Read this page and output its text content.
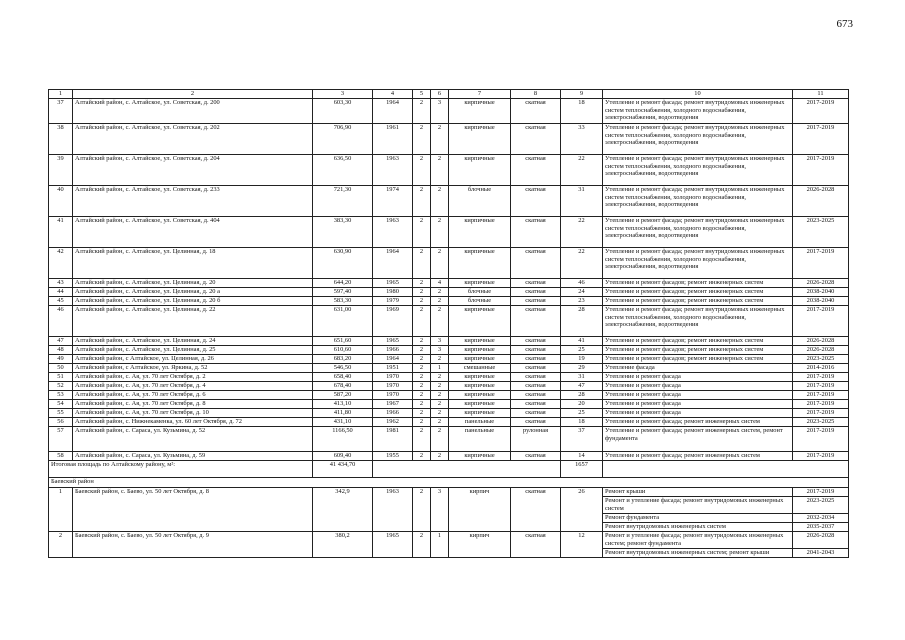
673
1	2	3	4	5	6	7	8	9	10	11
37	Алтайский район, с. Алтайское, ул. Советская, д. 200	603,30	1964	2	3	кирпичные	скатная	18	Утепление и ремонт фасада; ремонт внутридомовых инженерных систем теплоснабжения, холодного водоснабжения, электроснабжения, водоотведения	2017-2019
38	Алтайский район, с. Алтайское, ул. Советская, д. 202	706,90	1961	2	2	кирпичные	скатная	33	Утепление и ремонт фасада; ремонт внутридомовых инженерных систем теплоснабжения, холодного водоснабжения, электроснабжения, водоотведения	2017-2019
39	Алтайский район, с. Алтайское, ул. Советская, д. 204	636,50	1963	2	2	кирпичные	скатная	22	Утепление и ремонт фасада; ремонт внутридомовых инженерных систем теплоснабжения, холодного водоснабжения, электроснабжения, водоотведения	2017-2019
40	Алтайский район, с. Алтайское, ул. Советская, д. 233	721,30	1974	2	2	блочные	скатная	31	Утепление и ремонт фасада; ремонт внутридомовых инженерных систем теплоснабжения, холодного водоснабжения, электроснабжения, водоотведения	2026-2028
41	Алтайский район, с. Алтайское, ул. Советская, д. 404	383,30	1963	2	2	кирпичные	скатная	22	Утепление и ремонт фасада; ремонт внутридомовых инженерных систем теплоснабжения, холодного водоснабжения, электроснабжения, водоотведения	2023-2025
42	Алтайский район, с. Алтайское, ул. Целинная, д. 18	630,90	1964	2	2	кирпичные	скатная	22	Утепление и ремонт фасада; ремонт внутридомовых инженерных систем теплоснабжения, холодного водоснабжения, электроснабжения, водоотведения	2017-2019
43	Алтайский район, с. Алтайское, ул. Целинная, д. 20	644,20	1965	2	4	кирпичные	скатная	46	Утепление и ремонт фасадов; ремонт инженерных систем	2026-2028
44	Алтайский район, с. Алтайское, ул. Целинная, д. 20 а	597,40	1980	2	2	блочные	скатная	24	Утепление и ремонт фасадов; ремонт инженерных систем	2038-2040
45	Алтайский район, с. Алтайское, ул. Целинная, д. 20 б	583,30	1979	2	2	блочные	скатная	23	Утепление и ремонт фасадов; ремонт инженерных систем	2038-2040
46	Алтайский район, с. Алтайское, ул. Целинная, д. 22	631,00	1969	2	2	кирпичные	скатная	28	Утепление и ремонт фасада; ремонт внутридомовых инженерных систем теплоснабжения, холодного водоснабжения, электроснабжения, водоотведения	2017-2019
47	Алтайский район, с. Алтайское, ул. Целинная, д. 24	651,60	1965	2	3	кирпичные	скатная	41	Утепление и ремонт фасадов; ремонт инженерных систем	2026-2028
48	Алтайский район, с. Алтайское, ул. Целинная, д. 25	610,60	1966	2	3	кирпичные	скатная	25	Утепление и ремонт фасадов; ремонт инженерных систем	2026-2028
49	Алтайский район, с Алтайское, ул. Целинная, д. 26	683,20	1964	2	2	кирпичные	скатная	19	Утепление и ремонт фасадов; ремонт инженерных систем	2023-2025
50	Алтайский район, с Алтайское, ул. Яркина, д. 52	546,50	1951	2	1	смешанные	скатная	29	Утепление фасада	2014-2016
51	Алтайский район, с. Ая, ул. 70 лет Октября, д. 2	658,40	1970	2	2	кирпичные	скатная	31	Утепление и ремонт фасада	2017-2019
52	Алтайский район, с. Ая, ул. 70 лет Октября, д. 4	678,40	1970	2	2	кирпичные	скатная	47	Утепление и ремонт фасада	2017-2019
53	Алтайский район, с. Ая, ул. 70 лет Октября, д. 6	587,20	1970	2	2	кирпичные	скатная	28	Утепление и ремонт фасада	2017-2019
54	Алтайский район, с. Ая, ул. 70 лет Октября, д. 8	413,10	1967	2	2	кирпичные	скатная	20	Утепление и ремонт фасада	2017-2019
55	Алтайский район, с. Ая, ул. 70 лет Октября, д. 10	411,80	1966	2	2	кирпичные	скатная	25	Утепление и ремонт фасада	2017-2019
56	Алтайский район, с. Нижнекаменка, ул. 60 лет Октября, д. 72	431,10	1962	2	2	панельные	скатная	18	Утепление и ремонт фасада; ремонт инженерных систем	2023-2025
57	Алтайский район, с. Сараса, ул. Кузьмина, д. 52	1166,50	1981	2	2	панельные	рулонная	37	Утепление и ремонт фасада; ремонт инженерных систем, ремонт фундамента	2017-2019
58	Алтайский район, с. Сараса, ул. Кузьмина, д. 59	609,40	1955	2	2	кирпичные	скатная	14	Утепление и ремонт фасада; ремонт инженерных систем	2017-2019
Итоговая площадь по Алтайскому району, м²:		41 434,70						1657		
Баевский район										
1	Баевский район, с. Баево, ул. 50 лет Октября, д. 8	342,9	1963	2	3	кирпич	скатная	26	Ремонт крыши	2017-2019
									Ремонт и утепление фасада; ремонт внутридомовых инженерных систем	2023-2025
									Ремонт фундамента	2032-2034
									Ремонт внутридомовых инженерных систем	2035-2037
2	Баевский район, с. Баево, ул. 50 лет Октября, д. 9	380,2	1965	2	1	кирпич	скатная	12	Ремонт и утепление фасада; ремонт внутридомовых инженерных систем; ремонт фундамента	2026-2028
									Ремонт внутридомовых инженерных систем; ремонт крыши	2041-2043
